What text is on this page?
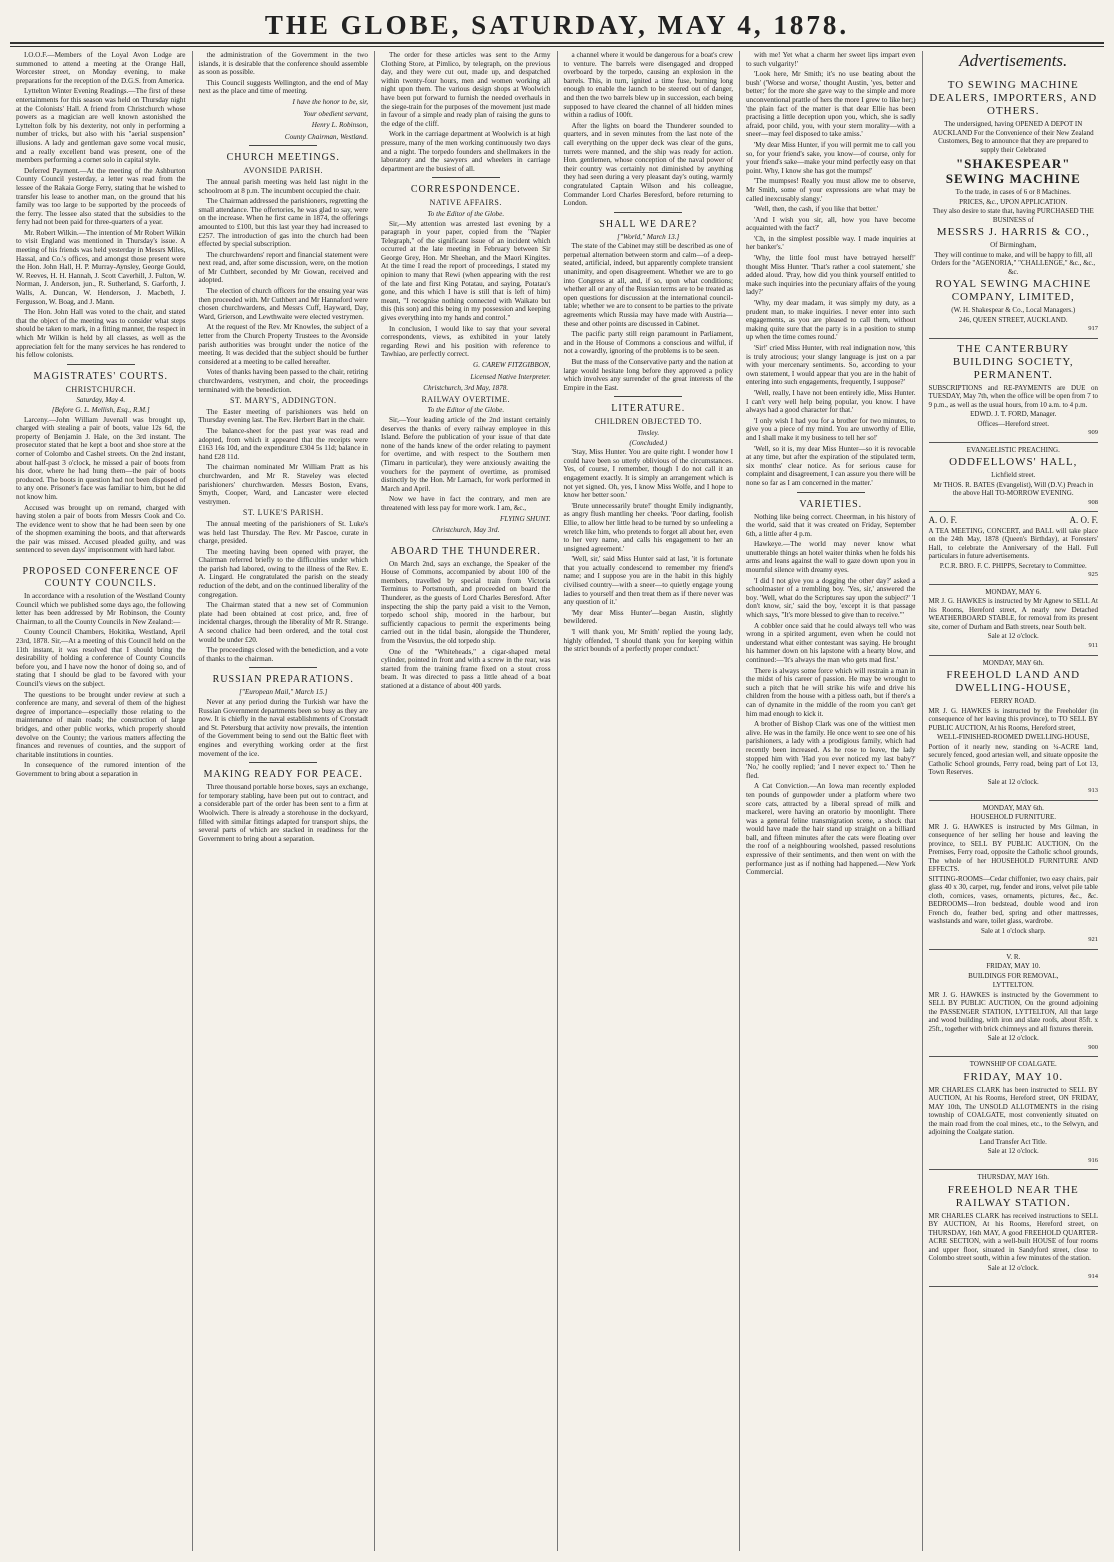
THE GLOBE, SATURDAY, MAY 4, 1878.

I.O.O.F.—Members of the Loyal Avon Lodge are summoned to attend a meeting at the Orange Hall, Worcester street, on Monday evening, to make preparations for the reception of the D.G.S. from America.

Lyttelton Winter Evening Readings.—The first of these entertainments for this season was held on Thursday night at the Colonists' Hall. A friend from Christchurch whose powers as a magician are well known astonished the Lyttelton folk by his dexterity, not only in performing a number of tricks, but also with his "aerial suspension" illusions. A lady and gentleman gave some vocal music, and a really excellent band was present, one of the members performing a cornet solo in capital style.

Deferred Payment.—At the meeting of the Ashburton County Council yesterday, a letter was read from the lessee of the Rakaia Gorge Ferry, stating that he wished to transfer his lease to another man, on the ground that his family was too large to be supported by the proceeds of the ferry. The lessee also stated that the subsidies to the ferry had not been paid for three-quarters of a year.

Mr. Robert Wilkin.—The intention of Mr Robert Wilkin to visit England was mentioned in Thursday's issue. A meeting of his friends was held yesterday in Messrs Miles, Hassal, and Co.'s offices, and amongst those present were the Hon. John Hall, H. P. Murray-Aynsley, George Gould, W. Reeves, H. H. Hannah, J. Scott Caverhill, J. Fulton, W. Norman, J. Anderson, jun., R. Sutherland, S. Garforth, J. Walls, A. Duncan, W. Henderson, J. Macbeth, J. Fergusson, W. Boag, and J. Mann.

The Hon. John Hall was voted to the chair, and stated that the object of the meeting was to consider what steps should be taken to mark, in a fitting manner, the respect in which Mr Wilkin is held by all classes, as well as the appreciation felt for the many services he has rendered to his fellow colonists.

MAGISTRATES' COURTS.
CHRISTCHURCH.
Saturday, May 4.
[Before G. L. Mellish, Esq., R.M.]

Larceny.—John William Juvenall was brought up, charged with stealing a pair of boots, value 12s 6d, the property of Benjamin J. Hale, on the 3rd instant. The prosecutor stated that he kept a boot and shoe store at the corner of Colombo and Cashel streets. On the 2nd instant, about half-past 3 o'clock, he missed a pair of boots from his door, where he had hung them—the pair of boots produced. The boots in question had not been disposed of to any one. Prisoner's face was familiar to him, but he did not know him.

Accused was brought up on remand, charged with having stolen a pair of boots from Messrs Cook and Co. The evidence went to show that he had been seen by one of the shopmen examining the boots, and that afterwards the pair was missed. Accused pleaded guilty, and was sentenced to seven days' imprisonment with hard labor.

PROPOSED CONFERENCE OF COUNTY COUNCILS.

In accordance with a resolution of the Westland County Council which we published some days ago, the following letter has been addressed by Mr Robinson, the County Chairman, to all the County Councils in New Zealand:—

County Council Chambers, Hokitika, Westland, April 23rd, 1878. Sir,—At a meeting of this Council held on the 11th instant, it was resolved that I should bring the desirability of holding a conference of County Councils before you, and I have now the honor of doing so, and of stating that I should be glad to be favored with your Council's views on the subject.

The questions to be brought under review at such a conference are many, and several of them of the highest degree of importance—especially those relating to the maintenance of main roads; the construction of large bridges, and other public works, which properly should devolve on the County; the various matters affecting the finances and revenues of counties, and the support of charitable institutions in counties.

In consequence of the rumored intention of the Government to bring about a separation in

the administration of the Government in the two islands, it is desirable that the conference should assemble as soon as possible.

This Council suggests Wellington, and the end of May next as the place and time of meeting.

I have the honor to be, sir,
Your obedient servant,
Henry L. Robinson,
County Chairman, Westland.
CHURCH MEETINGS.
AVONSIDE PARISH.

The annual parish meeting was held last night in the schoolroom at 8 p.m. The incumbent occupied the chair.

The Chairman addressed the parishioners, regretting the small attendance. The offertories, he was glad to say, were on the increase. When he first came in 1874, the offerings amounted to £100, but this last year they had increased to £257. The introduction of gas into the church had been effected by special subscription.

The churchwardens' report and financial statement were next read, and, after some discussion, were, on the motion of Mr Cuthbert, seconded by Mr Gowan, received and adopted.

The election of church officers for the ensuing year was then proceeded with. Mr Cuthbert and Mr Hannaford were chosen churchwardens, and Messrs Cuff, Hayward, Day, Ward, Grierson, and Lewthwaite were elected vestrymen.

At the request of the Rev. Mr Knowles, the subject of a letter from the Church Property Trustees to the Avonside parish authorities was brought under the notice of the meeting. It was decided that the subject should be further considered at a meeting to be called hereafter.

Votes of thanks having been passed to the chair, retiring churchwardens, vestrymen, and choir, the proceedings terminated with the benediction.

ST. MARY'S, ADDINGTON.

The Easter meeting of parishioners was held on Thursday evening last. The Rev. Herbert Bart in the chair.

The balance-sheet for the past year was read and adopted, from which it appeared that the receipts were £163 16s 10d, and the expenditure £304 5s 11d; balance in hand £28 11d.

The chairman nominated Mr William Pratt as his churchwarden, and Mr R. Staveley was elected parishioners' churchwarden. Messrs Boston, Evans, Smyth, Cooper, Ward, and Lancaster were elected vestrymen.

ST. LUKE'S PARISH.

The annual meeting of the parishioners of St. Luke's was held last Thursday. The Rev. Mr Pascoe, curate in charge, presided.

The meeting having been opened with prayer, the Chairman referred briefly to the difficulties under which the parish had labored, owing to the illness of the Rev. E. A. Lingard. He congratulated the parish on the steady reduction of the debt, and on the continued liberality of the congregation.

The Chairman stated that a new set of Communion plate had been obtained at cost price, and, free of incidental charges, through the liberality of Mr R. Strange. A second chalice had been ordered, and the total cost would be under £20.

The proceedings closed with the benediction, and a vote of thanks to the chairman.

RUSSIAN PREPARATIONS.
["European Mail," March 15.]

Never at any period during the Turkish war have the Russian Government departments been so busy as they are now. It is chiefly in the naval establishments of Cronstadt and St. Petersburg that activity now prevails, the intention of the Government being to send out the Baltic fleet with engines and everything working order at the first movement of the ice.

MAKING READY FOR PEACE.

Three thousand portable horse boxes, says an exchange, for temporary stabling, have been put out to contract, and a considerable part of the order has been sent to a firm at Woolwich. There is already a storehouse in the dockyard, filled with similar fittings adapted for transport ships, the several parts of which are stacked in readiness for the Government to bring about a separation.

The order for these articles was sent to the Army Clothing Store, at Pimlico, by telegraph, on the previous day, and they were cut out, made up, and despatched within twenty-four hours, men and women working all night upon them. The various design shops at Woolwich have been put forward to furnish the needed overhauls in the siege-train for the purposes of the movement just made in favour of a simple and ready plan of raising the guns to the edge of the cliff.

Work in the carriage department at Woolwich is at high pressure, many of the men working continuously two days and a night. The torpedo founders and shellmakers in the laboratory and the sawyers and wheelers in carriage department are the busiest of all.

CORRESPONDENCE.
NATIVE AFFAIRS.
To the Editor of the Globe.

Sir,—My attention was arrested last evening by a paragraph in your paper, copied from the "Napier Telegraph," of the significant issue of an incident which occurred at the late meeting in February between Sir George Grey, Hon. Mr Sheehan, and the Maori Kingites. At the time I read the report of proceedings, I stated my opinion to many that Rewi (when appearing with the rest of the late and first King Potatau, and saying, Potatau's gone, and this which I have is still that is left of him) meant, "I recognise nothing connected with Waikato but this (his son) and this being in my possession and keeping gives everything into my hands and control."

In conclusion, I would like to say that your several correspondents, views, as exhibited in your lately regarding Rewi and his position with reference to Tawhiao, are perfectly correct.

G. CAREW FITZGIBBON,
Licensed Native Interpreter.
Christchurch, 3rd May, 1878.
RAILWAY OVERTIME.
To the Editor of the Globe.

Sir,—Your leading article of the 2nd instant certainly deserves the thanks of every railway employee in this Island. Before the publication of your issue of that date none of the hands knew of the order relating to payment for overtime, and with respect to the Southern men (Timaru in particular), they were anxiously awaiting the vouchers for the payment of overtime, as promised distinctly by the Hon. Mr Larnach, for work performed in March and April.

Now we have in fact the contrary, and men are threatened with less pay for more work. I am, &c.,

FLYING SHUNT.
Christchurch, May 3rd.
ABOARD THE THUNDERER.

On March 2nd, says an exchange, the Speaker of the House of Commons, accompanied by about 100 of the members, travelled by special train from Victoria Terminus to Portsmouth, and proceeded on board the Thunderer, as the guests of Lord Charles Beresford. After inspecting the ship the party paid a visit to the Vernon, torpedo school ship, moored in the harbour, but sufficiently capacious to permit the experiments being carried out in the tidal basin, alongside the Thunderer, from the Vesuvius, the old torpedo ship.

One of the "Whiteheads," a cigar-shaped metal cylinder, pointed in front and with a screw in the rear, was started from the training frame fixed on a stout cross beam. It was directed to pass a little ahead of a boat stationed at a distance of about 400 yards.

a channel where it would be dangerous for a boat's crew to venture. The barrels were disengaged and dropped overboard by the torpedo, causing an explosion in the barrels. This, in turn, ignited a time fuse, burning long enough to enable the launch to be steered out of danger, and then the two barrels blew up in succession, each being supposed to have cleared the channel of all hidden mines within a radius of 100ft.

After the lights on board the Thunderer sounded to quarters, and in seven minutes from the last note of the call everything on the upper deck was clear of the guns, turrets were manned, and the ship was ready for action. Hon. gentlemen, whose conception of the naval power of their country was certainly not diminished by anything they had seen during a very pleasant day's outing, warmly congratulated Captain Wilson and his colleague, Commander Lord Charles Beresford, before returning to London.

SHALL WE DARE?
["World," March 13.]

The state of the Cabinet may still be described as one of perpetual alternation between storm and calm—of a deep-seated, artificial, indeed, but apparently complete transient unanimity, and open disagreement. Whether we are to go into Congress at all, and, if so, upon what conditions; whether all or any of the Russian terms are to be treated as open questions for discussion at the international council-table; whether we are to consent to be parties to the private agreements which Russia may have made with Austria—these and other points are discussed in Cabinet.

The pacific party still reign paramount in Parliament, and in the House of Commons a conscious and wilful, if not a cowardly, ignoring of the problems is to be seen.

But the mass of the Conservative party and the nation at large would hesitate long before they approved a policy which involves any surrender of the great interests of the Empire in the East.

LITERATURE.
CHILDREN OBJECTED TO.
Tinsley.
(Concluded.)

'Stay, Miss Hunter. You are quite right. I wonder how I could have been so utterly oblivious of the circumstances. Yes, of course, I remember, though I do not call it an engagement exactly. It is simply an arrangement which is not yet signed. Oh, yes, I know Miss Wolfe, and I hope to know her better soon.'

'Brute unnecessarily brute!' thought Emily indignantly, as angry flush mantling her cheeks. 'Poor darling, foolish Ellie, to allow her little head to be turned by so unfeeling a wretch like him, who pretends to forget all about her, even to her very name, and calls his engagement to her an unsigned agreement.'

'Well, sir,' said Miss Hunter said at last, 'it is fortunate that you actually condescend to remember my friend's name; and I suppose you are in the habit in this highly civilised country—with a sneer—to quietly engage young ladies to yourself and then treat them as if there never was any question of it.'

'My dear Miss Hunter'—began Austin, slightly bewildered.

'I will thank you, Mr Smith' replied the young lady, highly offended, 'I should thank you for keeping within the strict bounds of a perfectly proper conduct.'

with me! Yet what a charm her sweet lips impart even to such vulgarity!'

'Look here, Mr Smith; it's no use beating about the bush' ('Worse and worse,' thought Austin, 'yes, better and better;' for the more she gave way to the simple and more unconventional prattle of hers the more I grew to like her;) 'the plain fact of the matter is that dear Ellie has been practising a little deception upon you, which, she is sadly afraid, poor child, you, with your stern morality—with a sneer—may feel disposed to take amiss.'

'My dear Miss Hunter, if you will permit me to call you so, for your friend's sake, you know—of course, only for your friend's sake—make your mind perfectly easy on that point. Why, I know she has got the mumps!'

'The mumpses! Really you must allow me to observe, Mr Smith, some of your expressions are what may be called inexcusably slangy.'

'Well, then, the cash, if you like that better.'

'And I wish you sir, all, how you have become acquainted with the fact?'

'Ch, in the simplest possible way. I made inquiries at her banker's.'

'Why, the little fool must have betrayed herself!' thought Miss Hunter. 'That's rather a cool statement,' she added aloud. 'Pray, how did you think yourself entitled to make such inquiries into the pecuniary affairs of the young lady?'

'Why, my dear madam, it was simply my duty, as a prudent man, to make inquiries. I never enter into such engagements, as you are pleased to call them, without making quite sure that the party is in a position to stump up when the time comes round.'

'Sir!' cried Miss Hunter, with real indignation now, 'this is truly atrocious; your slangy language is just on a par with your mercenary sentiments. So, according to your own statement, I would appear that you are in the habit of entering into such engagements, frequently, I suppose?'

'Well, really, I have not been entirely idle, Miss Hunter. I can't very well help being popular, you know. I have always had a good character for that.'

'I only wish I had you for a brother for two minutes, to give you a piece of my mind. You are unworthy of Ellie, and I shall make it my business to tell her so!'

'Well, so it is, my dear Miss Hunter—so it is revocable at any time, but after the expiration of the stipulated term, six months' clear notice. As for serious cause for complaint and disagreement, I can assure you there will be none so far as I am concerned in the matter.'

VARIETIES.

Nothing like being correct. Cheerman, in his history of the world, said that it was created on Friday, September 6th, a little after 4 p.m.

Hawkeye.—The world may never know what unutterable things an hotel waiter thinks when he folds his arms and leans against the wall to gaze down upon you in mournful silence with dreamy eyes.

'I did I not give you a dogging the other day?' asked a schoolmaster of a trembling boy. 'Yes, sir,' answered the boy. 'Well, what do the Scriptures say upon the subject?' 'I don't know, sir,' said the boy, 'except it is that passage which says, "It's more blessed to give than to receive."'

A cobbler once said that he could always tell who was wrong in a spirited argument, even when he could not understand what either contestant was saying. He brought his hammer down on his lapstone with a hearty blow, and continued:—'It's always the man who gets mad first.'

There is always some force which will restrain a man in the midst of his career of passion. He may be wrought to such a pitch that he will strike his wife and drive his children from the house with a pitless oath, but if there's a can of dynamite in the middle of the room you can't get him mad enough to kick it.

A brother of Bishop Clark was one of the wittiest men alive. He was in the family. He once went to see one of his parishioners, a lady with a prodigious family, which had recently been increased. As he rose to leave, the lady stopped him with 'Had you ever noticed my last baby?' 'No,' he coolly replied; 'and I never expect to.' Then he fled.

A Cat Conviction.—An Iowa man recently exploded ten pounds of gunpowder under a platform where two score cats, attracted by a liberal spread of milk and mackerel, were having an oratorio by moonlight. There was a general feline transmigration scene, a shock that would have made the hair stand up straight on a billiard ball, and fifteen minutes after the cats were floating over the roof of a neighbouring woolshed, passed resolutions expressive of their sentiments, and then went on with the performance just as if nothing had happened.—New York Commercial.

Advertisements.
TO SEWING MACHINE DEALERS, IMPORTERS, AND OTHERS.
The undersigned, having OPENED A DEPOT IN AUCKLAND For the Convenience of their New Zealand Customers, Beg to announce that they are prepared to supply their Celebrated
"SHAKESPEAR" SEWING MACHINE
To the trade, in cases of 6 or 8 Machines.
PRICES, &c., UPON APPLICATION.
They also desire to state that, having PURCHASED THE BUSINESS of
MESSRS J. HARRIS & CO.,
Of Birmingham,
They will continue to make, and will be happy to fill, all Orders for the "AGENORIA," "CHALLENGE," &c., &c., &c.
ROYAL SEWING MACHINE COMPANY, LIMITED,
(W. H. Shakespear & Co., Local Managers.)
246, QUEEN STREET, AUCKLAND.
917
THE CANTERBURY BUILDING SOCIETY, PERMANENT.
SUBSCRIPTIONS and RE-PAYMENTS are DUE on TUESDAY, May 7th, when the office will be open from 7 to 9 p.m., as well as the usual hours, from 10 a.m. to 4 p.m.
EDWD. J. T. FORD, Manager.
Offices—Hereford street.
909
EVANGELISTIC PREACHING.
ODDFELLOWS' HALL,
Lichfield street.
Mr THOS. R. BATES (Evangelist), Will (D.V.) Preach in the above Hall TO-MORROW EVENING.
908
A. O. F.	A. O. F.
A TEA MEETING, CONCERT, and BALL will take place on the 24th May, 1878 (Queen's Birthday), at Foresters' Hall, to celebrate the Anniversary of the Hall. Full particulars in future advertisements.
P.C.R. BRO. F. C. PHIPPS, Secretary to Committee.
925
MONDAY, MAY 6.
MR J. G. HAWKES is instructed by Mr Agnew to SELL At his Rooms, Hereford street, A nearly new Detached WEATHERBOARD STABLE, for removal from its present site, corner of Durham and Bath streets, near South belt.
Sale at 12 o'clock.
911
MONDAY, MAY 6th.
FREEHOLD LAND AND DWELLING-HOUSE,
FERRY ROAD.
MR J. G. HAWKES is instructed by the Freeholder (in consequence of her leaving this province), to TO SELL BY PUBLIC AUCTION, At his Rooms, Hereford street,
WELL-FINISHED-ROOMED DWELLING-HOUSE,
Portion of it nearly new, standing on ¼-ACRE land, securely fenced, good artesian well, and situate opposite the Catholic School grounds, Ferry road, being part of Lot 13, Town Reserves.
Sale at 12 o'clock.
913
MONDAY, MAY 6th.
HOUSEHOLD FURNITURE.
MR J. G. HAWKES is instructed by Mrs Gilman, in consequence of her selling her house and leaving the province, to SELL BY PUBLIC AUCTION, On the Premises, Ferry road, opposite the Catholic school grounds, The whole of her HOUSEHOLD FURNITURE AND EFFECTS.
SITTING-ROOMS—Cedar chiffonier, two easy chairs, pair glass 40 x 30, carpet, rug, fender and irons, velvet pile table cloth, cornices, vases, ornaments, pictures, &c., &c. BEDROOMS—Iron bedstead, double wood and iron French do, feather bed, spring and other mattresses, washstands and ware, toilet glass, wardrobe.
Sale at 1 o'clock sharp.
921
V. R.
FRIDAY, MAY 10.
BUILDINGS FOR REMOVAL,
LYTTELTON.
MR J. G. HAWKES is instructed by the Government to SELL BY PUBLIC AUCTION, On the ground adjoining the PASSENGER STATION, LYTTELTON, All that large and wood building, with iron and slate roofs, about 85ft. x 25ft., together with brick chimneys and all fixtures therein.
Sale at 12 o'clock.
900
TOWNSHIP OF COALGATE.
FRIDAY, MAY 10.
MR CHARLES CLARK has been instructed to SELL BY AUCTION, At his Rooms, Hereford street, ON FRIDAY, MAY 10th, The UNSOLD ALLOTMENTS in the rising township of COALGATE, most conveniently situated on the main road from the coal mines, etc., to the Selwyn, and adjoining the Coalgate station.
Land Transfer Act Title.
Sale at 12 o'clock.
916
THURSDAY, MAY 16th.
FREEHOLD NEAR THE RAILWAY STATION.
MR CHARLES CLARK has received instructions to SELL BY AUCTION, At his Rooms, Hereford street, on THURSDAY, 16th MAY, A good FREEHOLD QUARTER-ACRE SECTION, with a well-built HOUSE of four rooms and upper floor, situated in Sandyford street, close to Colombo street south, within a few minutes of the station.
Sale at 12 o'clock.
914
